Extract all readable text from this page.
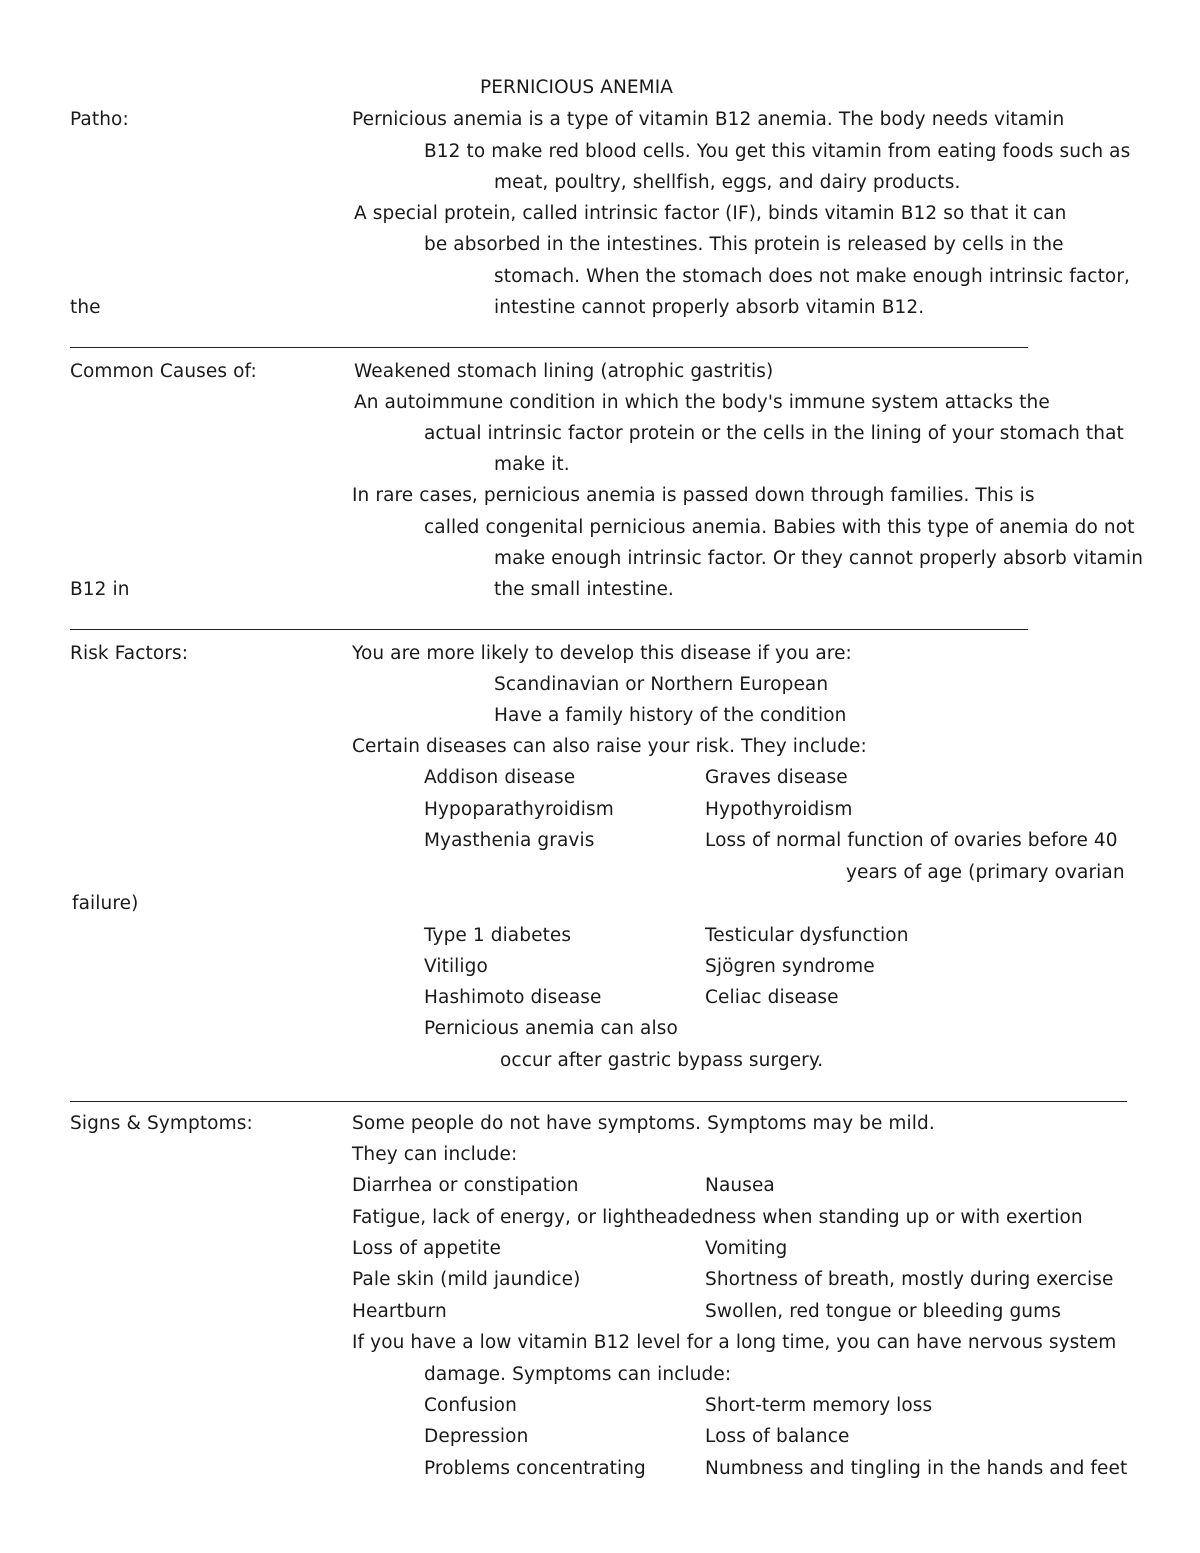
PERNICIOUS ANEMIA
Patho:	Pernicious anemia is a type of vitamin B12 anemia. The body needs vitamin
B12 to make red blood cells. You get this vitamin from eating foods such as
meat, poultry, shellfish, eggs, and dairy products.
A special protein, called intrinsic factor (IF), binds vitamin B12 so that it can
be absorbed in the intestines. This protein is released by cells in the
stomach. When the stomach does not make enough intrinsic factor,
the	intestine cannot properly absorb vitamin B12.
Common Causes of:	Weakened stomach lining (atrophic gastritis)
An autoimmune condition in which the body's immune system attacks the
actual intrinsic factor protein or the cells in the lining of your stomach that
make it.
In rare cases, pernicious anemia is passed down through families. This is
called congenital pernicious anemia. Babies with this type of anemia do not
make enough intrinsic factor. Or they cannot properly absorb vitamin
B12 in	the small intestine.
Risk Factors:	You are more likely to develop this disease if you are:
Scandinavian or Northern European
Have a family history of the condition
Certain diseases can also raise your risk. They include:
Addison disease	Graves disease
Hypoparathyroidism	Hypothyroidism
Myasthenia gravis	Loss of normal function of ovaries before 40
years of age (primary ovarian
failure)
Type 1 diabetes	Testicular dysfunction
Vitiligo	Sjögren syndrome
Hashimoto disease	Celiac disease
Pernicious anemia can also
occur after gastric bypass surgery.
Signs & Symptoms:	Some people do not have symptoms. Symptoms may be mild.
They can include:
Diarrhea or constipation	Nausea
Fatigue, lack of energy, or lightheadedness when standing up or with exertion
Loss of appetite	Vomiting
Pale skin (mild jaundice)	Shortness of breath, mostly during exercise
Heartburn	Swollen, red tongue or bleeding gums
If you have a low vitamin B12 level for a long time, you can have nervous system
damage. Symptoms can include:
Confusion	Short-term memory loss
Depression	Loss of balance
Problems concentrating	Numbness and tingling in the hands and feet
